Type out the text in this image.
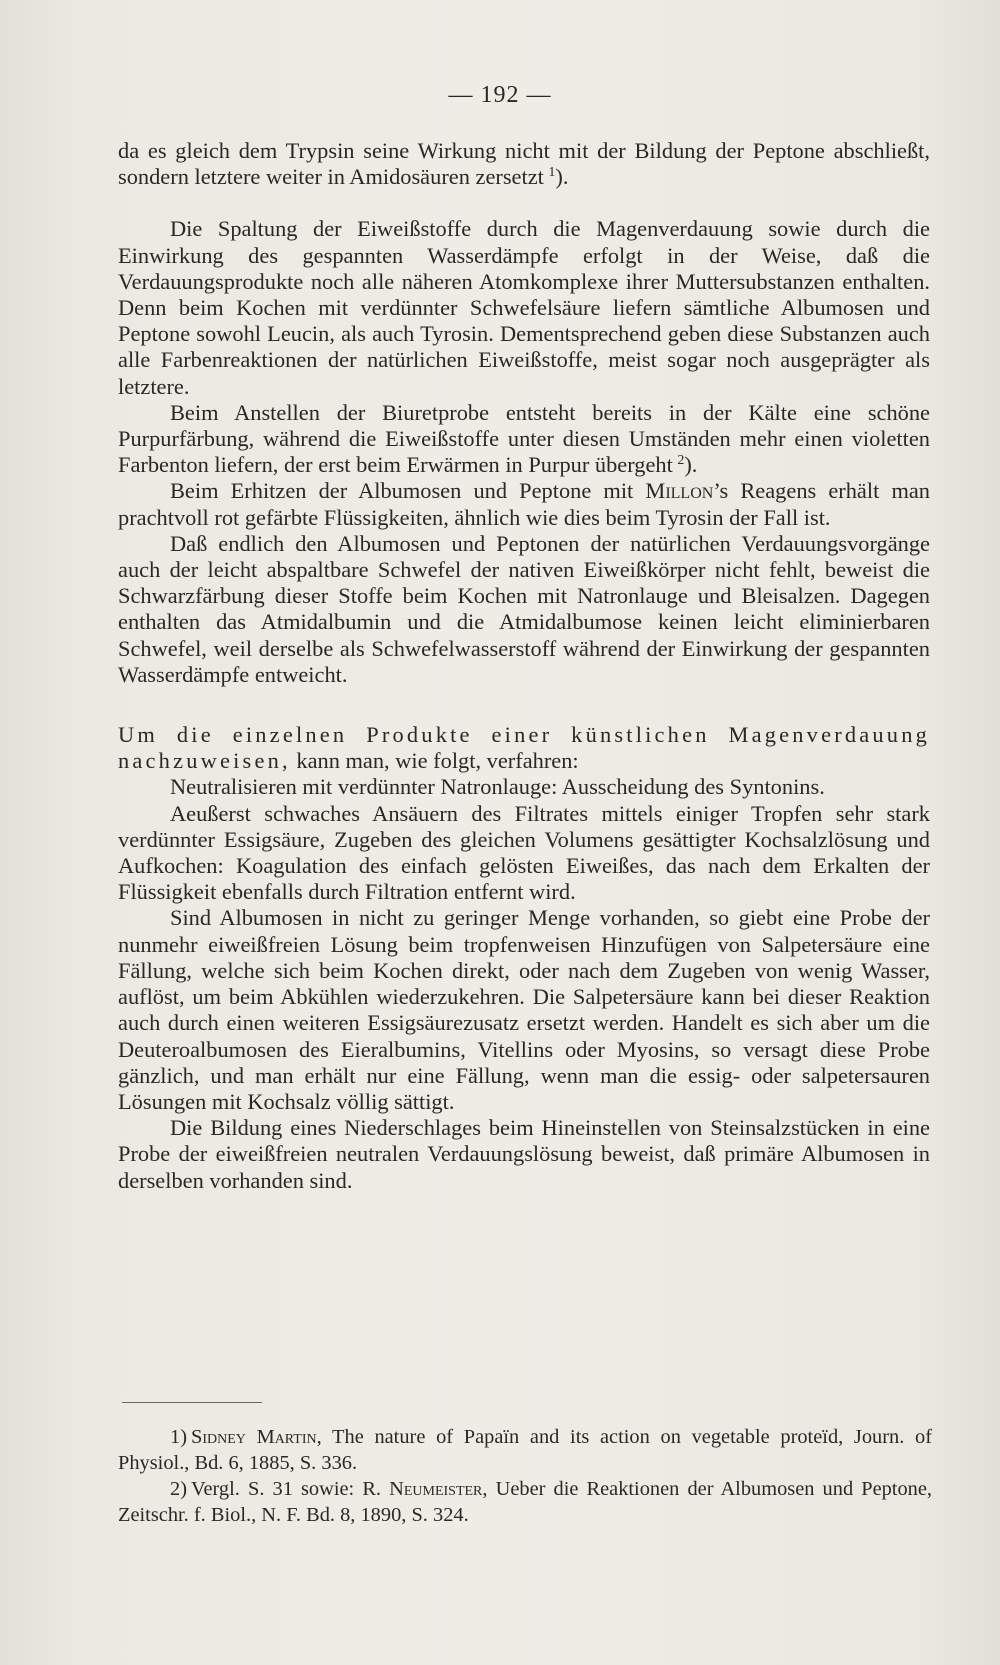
— 192 —

da es gleich dem Trypsin seine Wirkung nicht mit der Bildung der Peptone abschließt, sondern letztere weiter in Amidosäuren zersetzt  $^1$).

Die Spaltung der Eiweißstoffe durch die Magenverdauung sowie durch die Einwirkung des gespannten Wasserdämpfe erfolgt in der Weise, daß die Verdauungsprodukte noch alle näheren Atomkomplexe ihrer Muttersubstanzen enthalten. Denn beim Kochen mit verdünnter Schwefelsäure liefern sämtliche Albumosen und Peptone sowohl Leucin, als auch Tyrosin. Dementsprechend geben diese Substanzen auch alle Farbenreaktionen der natürlichen Eiweißstoffe, meist sogar noch ausgeprägter als letztere.

Beim Anstellen der Biuretprobe entsteht bereits in der Kälte eine schöne Purpurfärbung, während die Eiweißstoffe unter diesen Umständen mehr einen violetten Farbenton liefern, der erst beim Erwärmen in Purpur übergeht  $^2$).

Beim Erhitzen der Albumosen und Peptone mit Millon’s Reagens erhält man prachtvoll rot gefärbte Flüssigkeiten, ähnlich wie dies beim Tyrosin der Fall ist.

Daß endlich den Albumosen und Peptonen der natürlichen Verdauungsvorgänge auch der leicht abspaltbare Schwefel der nativen Eiweißkörper nicht fehlt, beweist die Schwarzfärbung dieser Stoffe beim Kochen mit Natronlauge und Bleisalzen. Dagegen enthalten das Atmidalbumin und die Atmidalbumose keinen leicht eliminierbaren Schwefel, weil derselbe als Schwefelwasserstoff während der Einwirkung der gespannten Wasserdämpfe entweicht.

Um die einzelnen Produkte einer künstlichen Magenverdauung nachzuweisen, kann man, wie folgt, verfahren:

Neutralisieren mit verdünnter Natronlauge: Ausscheidung des Syntonins.

Aeußerst schwaches Ansäuern des Filtrates mittels einiger Tropfen sehr stark verdünnter Essigsäure, Zugeben des gleichen Volumens gesättigter Kochsalzlösung und Aufkochen: Koagulation des einfach gelösten Eiweißes, das nach dem Erkalten der Flüssigkeit ebenfalls durch Filtration entfernt wird.

Sind Albumosen in nicht zu geringer Menge vorhanden, so giebt eine Probe der nunmehr eiweißfreien Lösung beim tropfenweisen Hinzufügen von Salpetersäure eine Fällung, welche sich beim Kochen direkt, oder nach dem Zugeben von wenig Wasser, auflöst, um beim Abkühlen wiederzukehren. Die Salpetersäure kann bei dieser Reaktion auch durch einen weiteren Essigsäurezusatz ersetzt werden. Handelt es sich aber um die Deuteroalbumosen des Eieralbumins, Vitellins oder Myosins, so versagt diese Probe gänzlich, und man erhält nur eine Fällung, wenn man die essig- oder salpetersauren Lösungen mit Kochsalz völlig sättigt.

Die Bildung eines Niederschlages beim Hineinstellen von Steinsalzstücken in eine Probe der eiweißfreien neutralen Verdauungslösung beweist, daß primäre Albumosen in derselben vorhanden sind.

1) Sidney Martin, The nature of Papaïn and its action on vegetable proteïd, Journ. of Physiol., Bd. 6, 1885, S. 336.

2) Vergl. S. 31 sowie: R. Neumeister, Ueber die Reaktionen der Albumosen und Peptone, Zeitschr. f. Biol., N. F. Bd. 8, 1890, S. 324.
